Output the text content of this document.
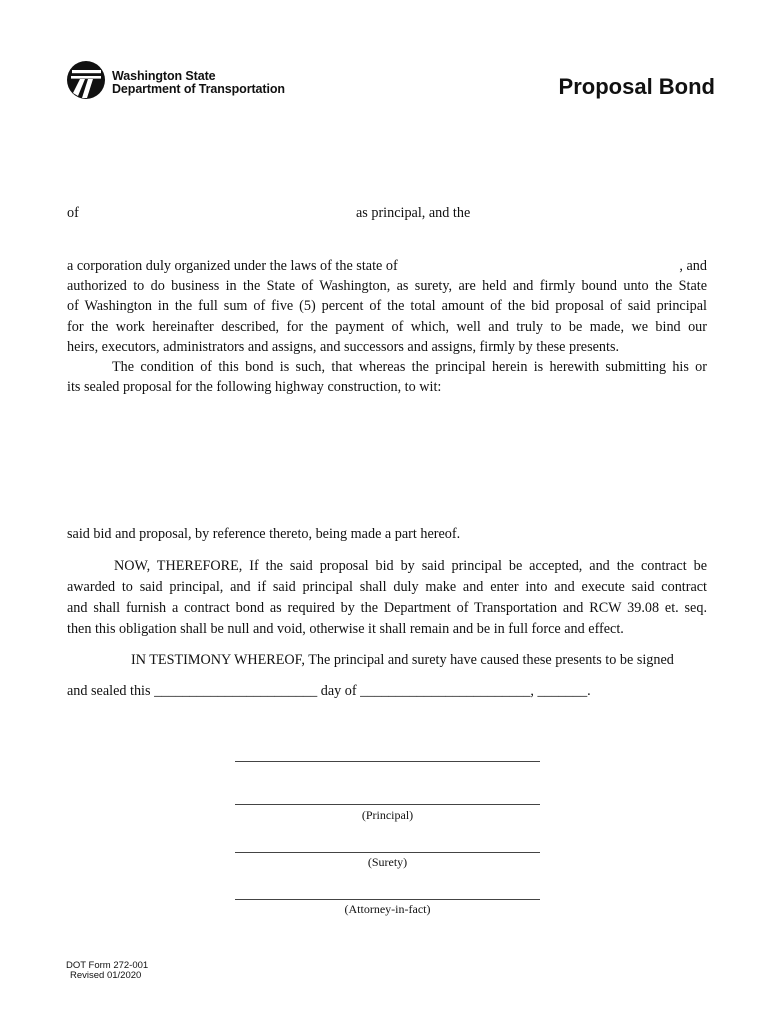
Washington State
Department of Transportation	Proposal Bond
of	as principal, and the
a corporation duly organized under the laws of the state of	, and
authorized to do business in the State of Washington, as surety, are held and firmly bound unto the State
of Washington in the full sum of five (5) percent of the total amount of the bid proposal of said principal
for the work hereinafter described, for the payment of which, well and truly to be made, we bind our
heirs, executors, administrators and assigns, and successors and assigns, firmly by these presents.
The condition of this bond is such, that whereas the principal herein is herewith submitting his or
its sealed proposal for the following highway construction, to wit:
said bid and proposal, by reference thereto, being made a part hereof.
NOW, THEREFORE, If the said proposal bid by said principal be accepted, and the contract be
awarded to said principal, and if said principal shall duly make and enter into and execute said contract
and shall furnish a contract bond as required by the Department of Transportation and RCW 39.08 et. seq.
then this obligation shall be null and void, otherwise it shall remain and be in full force and effect.
IN TESTIMONY WHEREOF, The principal and surety have caused these presents to be signed
and sealed this _______________________ day of ________________________, _______.
(Principal)
(Surety)
(Attorney-in-fact)
DOT Form 272-001
Revised 01/2020
